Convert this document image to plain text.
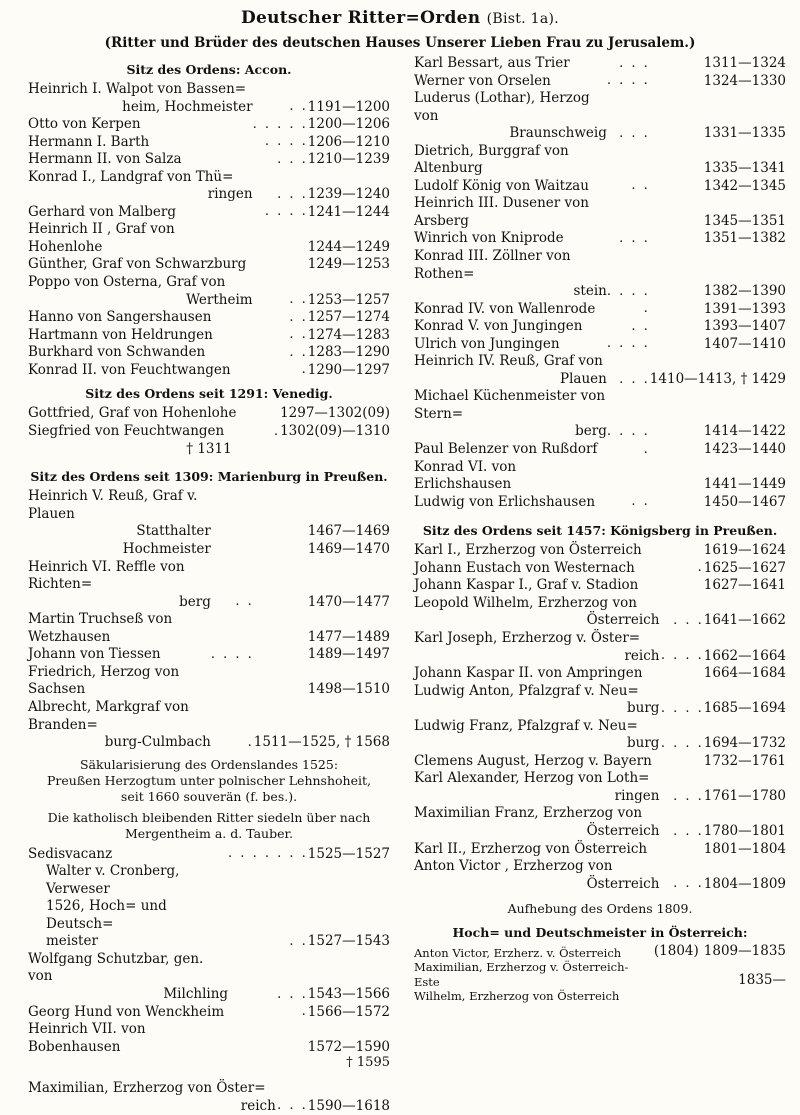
Deutscher Ritter=Orden (Bist. 1a).
(Ritter und Brüder des deutschen Hauses Unserer Lieben Frau zu Jerusalem.)
Sitz des Ordens: Accon.
Heinrich I. Walpot von Bassen=		
heim, Hochmeister	. .	1191—1200
Otto von Kerpen	. . . . .	1200—1206
Hermann I. Barth	. . . .	1206—1210
Hermann II. von Salza	. . .	1210—1239
Konrad I., Landgraf von Thü=		
ringen	. . .	1239—1240
Gerhard von Malberg	. . . .	1241—1244
Heinrich II , Graf von Hohenlohe		1244—1249
Günther, Graf von Schwarzburg		1249—1253
Poppo von Osterna, Graf von		
Wertheim	. .	1253—1257
Hanno von Sangershausen	. .	1257—1274
Hartmann von Heldrungen	. .	1274—1283
Burkhard von Schwanden	. .	1283—1290
Konrad II. von Feuchtwangen	.	1290—1297
Sitz des Ordens seit 1291: Venedig.
Gottfried, Graf von Hohenlohe		1297—1302(09)
Siegfried von Feuchtwangen	.	1302(09)—1310
† 1311
Sitz des Ordens seit 1309: Marienburg in Preußen.
Heinrich V. Reuß, Graf v. Plauen		
Statthalter		1467—1469
Hochmeister		1469—1470
Heinrich VI. Reffle von Richten=		
berg	. .	1470—1477
Martin Truchseß von Wetzhausen		1477—1489
Johann von Tiessen	. . . .	1489—1497
Friedrich, Herzog von Sachsen		1498—1510
Albrecht, Markgraf von Branden=		
burg-Culmbach	.	1511—1525, † 1568
Säkularisierung des Ordenslandes 1525:
Preußen Herzogtum unter polnischer Lehnshoheit,
seit 1660 souverän (f. bes.).
Die katholisch bleibenden Ritter siedeln über nach
Mergentheim a. d. Tauber.
Sedisvacanz	. . . . . . .	1525—1527
Walter v. Cronberg, Verweser		
1526, Hoch= und Deutsch=		
meister	. .	1527—1543
Wolfgang Schutzbar, gen. von		
Milchling	. . .	1543—1566
Georg Hund von Wenckheim	.	1566—1572
Heinrich VII. von Bobenhausen		1572—1590
† 1595
Maximilian, Erzherzog von Öster=		
reich	. . .	1590—1618
Karl Bessart, aus Trier	. . .	1311—1324
Werner von Orselen	. . . .	1324—1330
Luderus (Lothar), Herzog von		
Braunschweig	. . .	1331—1335
Dietrich, Burggraf von Altenburg		1335—1341
Ludolf König von Waitzau	. .	1342—1345
Heinrich III. Dusener von Arsberg		1345—1351
Winrich von Kniprode	. . .	1351—1382
Konrad III. Zöllner von Rothen=		
stein	. . . .	1382—1390
Konrad IV. von Wallenrode	.	1391—1393
Konrad V. von Jungingen	. .	1393—1407
Ulrich von Jungingen	. . . .	1407—1410
Heinrich IV. Reuß, Graf von		
Plauen	. . .	1410—1413, † 1429
Michael Küchenmeister von Stern=		
berg	. . . .	1414—1422
Paul Belenzer von Rußdorf	.	1423—1440
Konrad VI. von Erlichshausen		1441—1449
Ludwig von Erlichshausen	. .	1450—1467
Sitz des Ordens seit 1457: Königsberg in Preußen.
Karl I., Erzherzog von Österreich		1619—1624
Johann Eustach von Westernach	.	1625—1627
Johann Kaspar I., Graf v. Stadion		1627—1641
Leopold Wilhelm, Erzherzog von		
Österreich	. . .	1641—1662
Karl Joseph, Erzherzog v. Öster=		
reich	. . . .	1662—1664
Johann Kaspar II. von Ampringen		1664—1684
Ludwig Anton, Pfalzgraf v. Neu=		
burg	. . . .	1685—1694
Ludwig Franz, Pfalzgraf v. Neu=		
burg	. . . .	1694—1732
Clemens August, Herzog v. Bayern		1732—1761
Karl Alexander, Herzog von Loth=		
ringen	. . .	1761—1780
Maximilian Franz, Erzherzog von		
Österreich	. . .	1780—1801
Karl II., Erzherzog von Österreich		1801—1804
Anton Victor , Erzherzog von		
Österreich	. . .	1804—1809
Aufhebung des Ordens 1809.
Hoch= und Deutschmeister in Österreich:
Anton Victor, Erzherz. v. Österreich	(1804)	1809—1835
Maximilian, Erzherzog v. Österreich-Este		1835—
Wilhelm, Erzherzog von Österreich		
